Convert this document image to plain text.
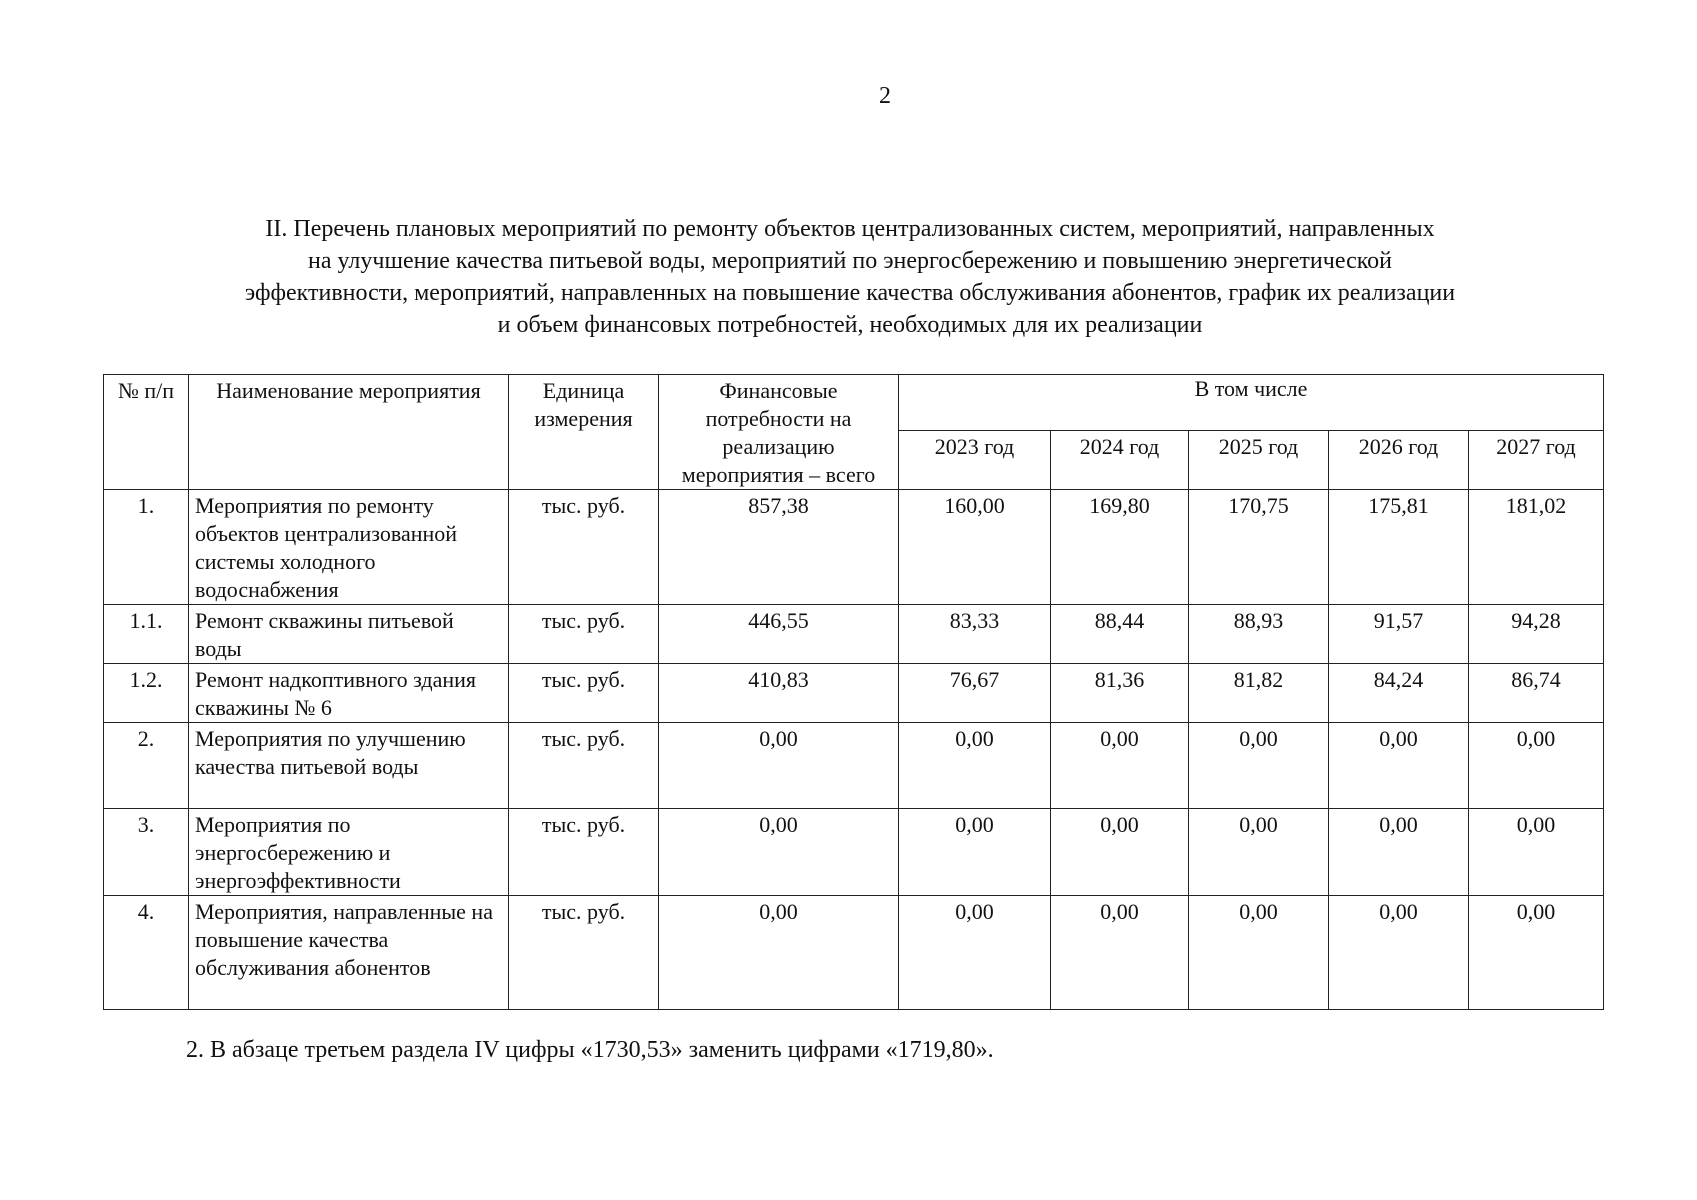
2
II. Перечень плановых мероприятий по ремонту объектов централизованных систем, мероприятий, направленных
на улучшение качества питьевой воды, мероприятий по энергосбережению и повышению энергетической
эффективности, мероприятий, направленных на повышение качества обслуживания абонентов, график их реализации
и объем финансовых потребностей, необходимых для их реализации
№ п/п	Наименование мероприятия	Единица измерения	Финансовые потребности на реализацию мероприятия – всего	В том числе				
				2023 год	2024 год	2025 год	2026 год	2027 год
1.	Мероприятия по ремонту объектов централизованной системы холодного водоснабжения	тыс. руб.	857,38	160,00	169,80	170,75	175,81	181,02
1.1.	Ремонт скважины питьевой воды	тыс. руб.	446,55	83,33	88,44	88,93	91,57	94,28
1.2.	Ремонт надкоптивного здания скважины № 6	тыс. руб.	410,83	76,67	81,36	81,82	84,24	86,74
2.	Мероприятия по улучшению качества питьевой воды	тыс. руб.	0,00	0,00	0,00	0,00	0,00	0,00
3.	Мероприятия по энергосбережению и энергоэффективности	тыс. руб.	0,00	0,00	0,00	0,00	0,00	0,00
4.	Мероприятия, направленные на повышение качества обслуживания абонентов	тыс. руб.	0,00	0,00	0,00	0,00	0,00	0,00
2. В абзаце третьем раздела IV цифры «1730,53» заменить цифрами «1719,80».
